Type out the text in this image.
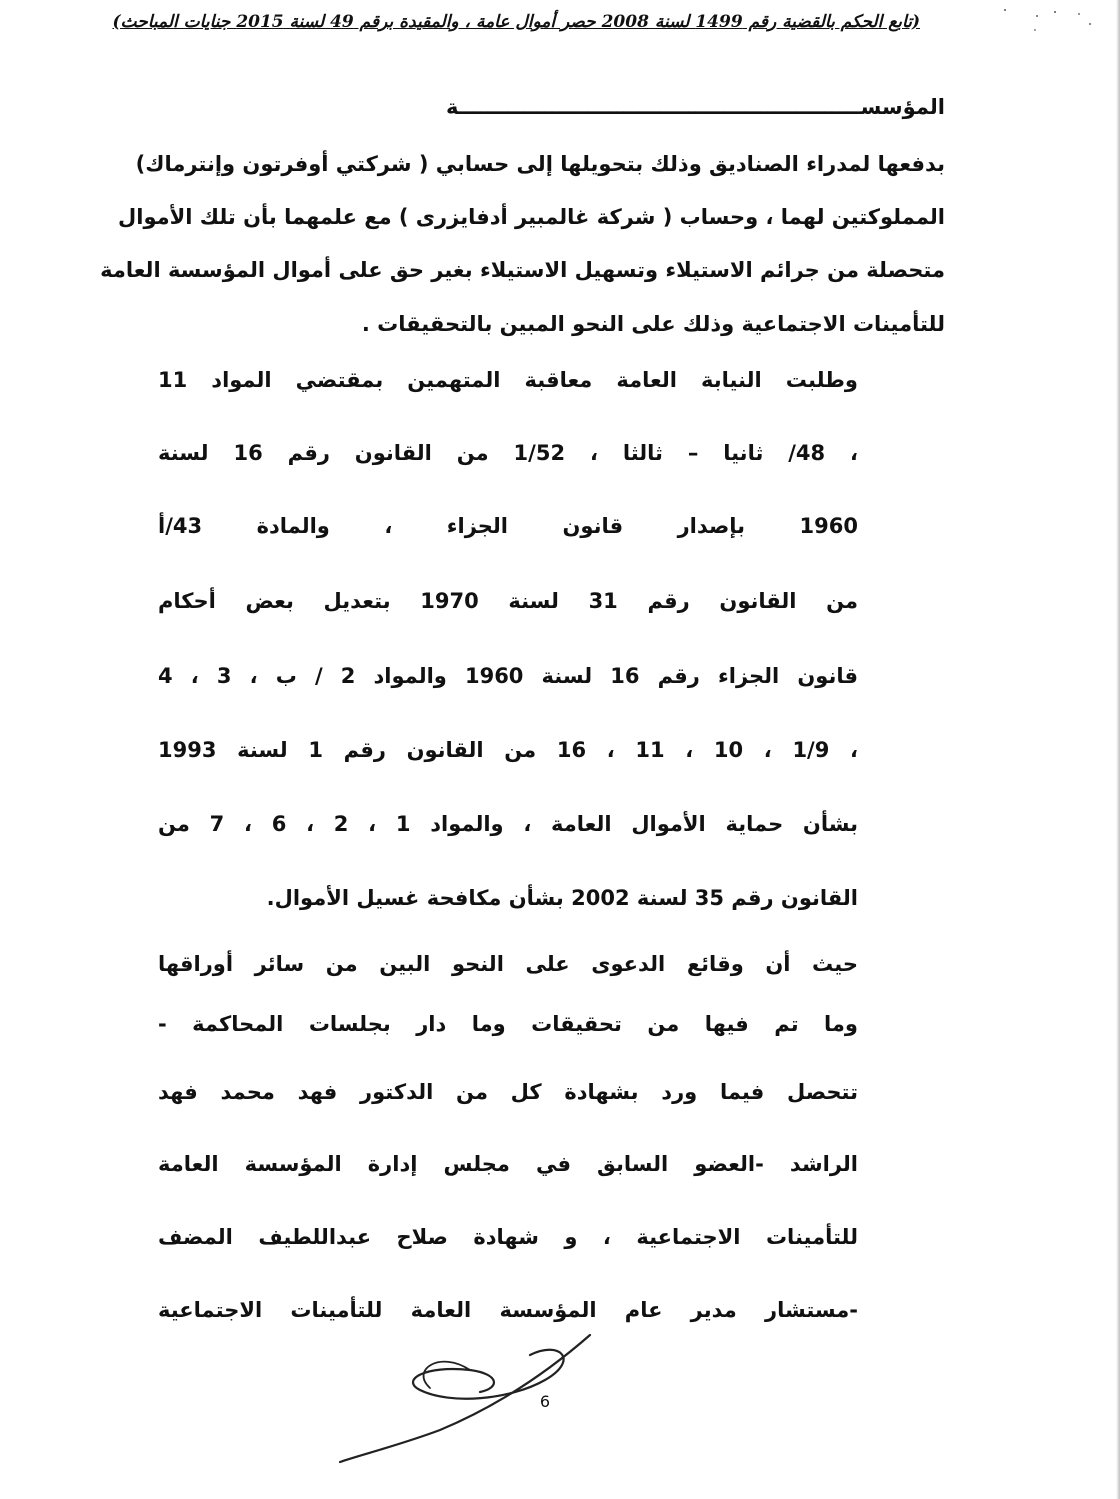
(تابع الحكم بالقضية رقم 1499 لسنة 2008 حصر أموال عامة ، والمقيدة برقم 49 لسنة 2015 جنايات المباحث)
المؤسســــــــــــــــــــــــــــــــــــــــــــــــــــــــة
بدفعها لمدراء الصناديق وذلك بتحويلها إلى حسابي ( شركتي أوفرتون وإنترماك)
المملوكتين لهما ، وحساب ( شركة غالمبير أدفايزرى ) مع علمهما بأن تلك الأموال
متحصلة من جرائم الاستيلاء وتسهيل الاستيلاء بغير حق على أموال المؤسسة العامة
للتأمينات الاجتماعية وذلك على النحو المبين بالتحقيقات .
وطلبت النيابة العامة معاقبة المتهمين بمقتضي المواد 11
، 48/ ثانيا – ثالثا ، 1/52 من القانون رقم 16 لسنة
1960 بإصدار قانون الجزاء ، والمادة 43/أ
من القانون رقم 31 لسنة 1970 بتعديل بعض أحكام
قانون الجزاء رقم 16 لسنة 1960 والمواد 2 / ب ، 3 ، 4
، 1/9 ، 10 ، 11 ، 16 من القانون رقم 1 لسنة 1993
بشأن حماية الأموال العامة ، والمواد 1 ، 2 ، 6 ، 7 من
القانون رقم 35 لسنة 2002 بشأن مكافحة غسيل الأموال.
حيث أن وقائع الدعوى على النحو البين من سائر أوراقها
وما تم فيها من تحقيقات وما دار بجلسات المحاكمة -
تتحصل فيما ورد بشهادة كل من الدكتور فهد محمد فهد
الراشد -العضو السابق في مجلس إدارة المؤسسة العامة
للتأمينات الاجتماعية ، و شهادة صلاح عبداللطيف المضف
-مستشار مدير عام المؤسسة العامة للتأمينات الاجتماعية
6
